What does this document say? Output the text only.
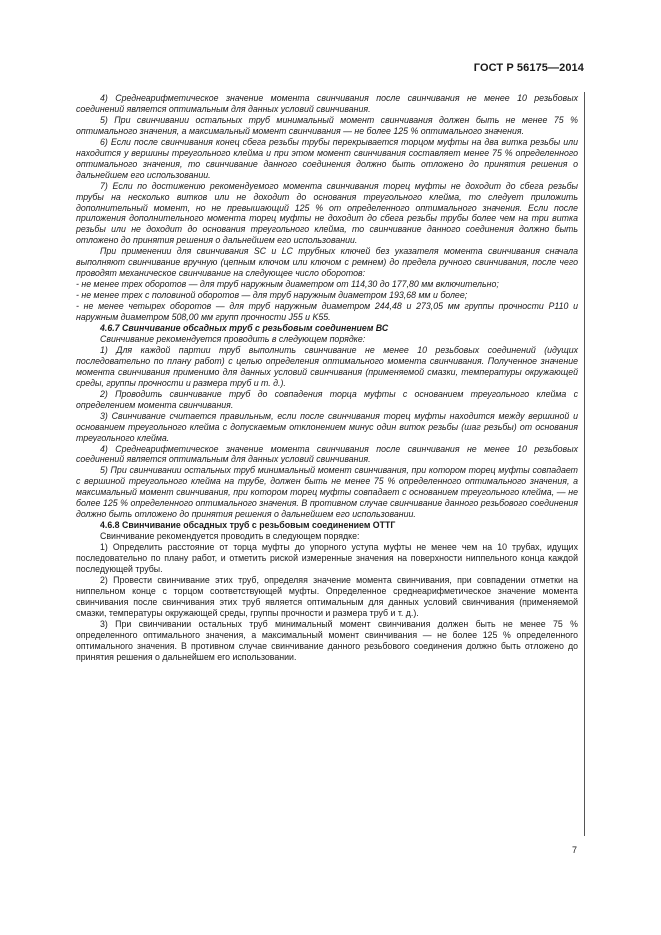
ГОСТ Р 56175—2014

4) Среднеарифметическое значение момента свинчивания после свинчивания не менее 10 резьбовых соединений является оптимальным для данных условий свинчивания.

5) При свинчивании остальных труб минимальный момент свинчивания должен быть не менее 75 % оптимального значения, а максимальный момент свинчивания — не более 125 % оптимального значения.

6) Если после свинчивания конец сбега резьбы трубы перекрывается торцом муфты на два витка резьбы или находится у вершины треугольного клейма и при этом момент свинчивания составляет менее 75 % определенного оптимального значения, то свинчивание данного соединения должно быть отложено до принятия решения о дальнейшем его использовании.

7) Если по достижению рекомендуемого момента свинчивания торец муфты не доходит до сбега резьбы трубы на несколько витков или не доходит до основания треугольного клейма, то следует приложить дополнительный момент, но не превышающий 125 % от определенного оптимального значения. Если после приложения дополнительного момента торец муфты не доходит до сбега резьбы трубы более чем на три витка резьбы или не доходит до основания треугольного клейма, то свинчивание данного соединения должно быть отложено до принятия решения о дальнейшем его использовании.

При применении для свинчивания SC и LC трубных ключей без указателя момента свинчивания сначала выполняют свинчивание вручную (цепным ключом или ключом с ремнем) до предела ручного свинчивания, после чего проводят механическое свинчивание на следующее число оборотов:

- не менее трех оборотов — для труб наружным диаметром от 114,30 до 177,80 мм включительно;

- не менее трех с половиной оборотов — для труб наружным диаметром 193,68 мм и более;

- не менее четырех оборотов — для труб наружным диаметром 244,48 и 273,05 мм группы прочности P110 и наружным диаметром 508,00 мм групп прочности J55 и K55.

4.6.7 Свинчивание обсадных труб с резьбовым соединением ВС

Свинчивание рекомендуется проводить в следующем порядке:

1) Для каждой партии труб выполнить свинчивание не менее 10 резьбовых соединений (идущих последовательно по плану работ) с целью определения оптимального момента свинчивания. Полученное значение момента свинчивания применимо для данных условий свинчивания (применяемой смазки, температуры окружающей среды, группы прочности и размера труб и т. д.).

2) Проводить свинчивание труб до совпадения торца муфты с основанием треугольного клейма с определением момента свинчивания.

3) Свинчивание считается правильным, если после свинчивания торец муфты находится между вершиной и основанием треугольного клейма с допускаемым отклонением минус один виток резьбы (шаг резьбы) от основания треугольного клейма.

4) Среднеарифметическое значение момента свинчивания после свинчивания не менее 10 резьбовых соединений является оптимальным для данных условий свинчивания.

5) При свинчивании остальных труб минимальный момент свинчивания, при котором торец муфты совпадает с вершиной треугольного клейма на трубе, должен быть не менее 75 % определенного оптимального значения, а максимальный момент свинчивания, при котором торец муфты совпадает с основанием треугольного клейма, — не более 125 % определенного оптимального значения. В противном случае свинчивание данного резьбового соединения должно быть отложено до принятия решения о дальнейшем его использовании.

4.6.8 Свинчивание обсадных труб с резьбовым соединением ОТТГ

Свинчивание рекомендуется проводить в следующем порядке:

1) Определить расстояние от торца муфты до упорного уступа муфты не менее чем на 10 трубах, идущих последовательно по плану работ, и отметить риской измеренные значения на поверхности ниппельного конца каждой последующей трубы.

2) Провести свинчивание этих труб, определяя значение момента свинчивания, при совпадении отметки на ниппельном конце с торцом соответствующей муфты. Определенное среднеарифметическое значение момента свинчивания после свинчивания этих труб является оптимальным для данных условий свинчивания (применяемой смазки, температуры окружающей среды, группы прочности и размера труб и т. д.).

3) При свинчивании остальных труб минимальный момент свинчивания должен быть не менее 75 % определенного оптимального значения, а максимальный момент свинчивания — не более 125 % определенного оптимального значения. В противном случае свинчивание данного резьбового соединения должно быть отложено до принятия решения о дальнейшем его использовании.

7
